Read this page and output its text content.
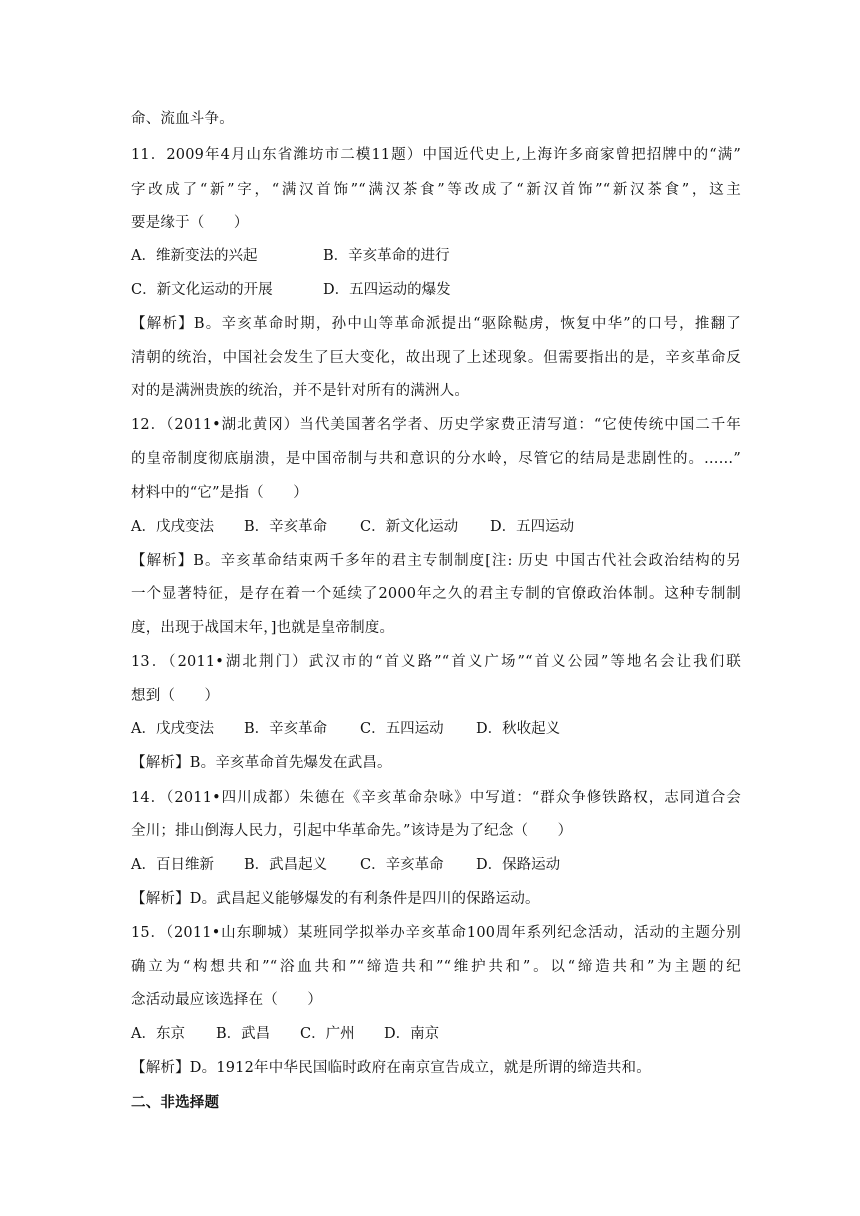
命、流血斗争。
11．2009年4月山东省潍坊市二模11题）中国近代史上,上海许多商家曾把招牌中的“满”
字改成了“新”字，“满汉首饰”“满汉茶食”等改成了“新汉首饰”“新汉茶食”，这主
要是缘于（　　）
A．维新变法的兴起	B．辛亥革命的进行
C．新文化运动的开展	D．五四运动的爆发
【解析】B。辛亥革命时期，孙中山等革命派提出“驱除鞑虏，恢复中华”的口号，推翻了
清朝的统治，中国社会发生了巨大变化，故出现了上述现象。但需要指出的是，辛亥革命反
对的是满洲贵族的统治，并不是针对所有的满洲人。
12．（2011•湖北黄冈）当代美国著名学者、历史学家费正清写道：“它使传统中国二千年
的皇帝制度彻底崩溃，是中国帝制与共和意识的分水岭，尽管它的结局是悲剧性的。……”
材料中的“它”是指（　　）
A．戊戌变法 B．辛亥革命 C．新文化运动 D．五四运动
【解析】B。辛亥革命结束两千多年的君主专制制度[注: 历史 中国古代社会政治结构的另
一个显著特征，是存在着一个延续了2000年之久的君主专制的官僚政治体制。这种专制制
度，出现于战国末年，]也就是皇帝制度。
13．（2011•湖北荆门）武汉市的“首义路”“首义广场”“首义公园”等地名会让我们联
想到（　　）
A．戊戌变法 B．辛亥革命 C．五四运动 D．秋收起义
【解析】B。辛亥革命首先爆发在武昌。
14．（2011•四川成都）朱德在《辛亥革命杂咏》中写道：“群众争修铁路权，志同道合会
全川；排山倒海人民力，引起中华革命先。”该诗是为了纪念（　　）
A．百日维新 B．武昌起义 C．辛亥革命 D．保路运动
【解析】D。武昌起义能够爆发的有利条件是四川的保路运动。
15．（2011•山东聊城）某班同学拟举办辛亥革命100周年系列纪念活动，活动的主题分别
确立为“构想共和”“浴血共和”“缔造共和”“维护共和”。以“缔造共和”为主题的纪
念活动最应该选择在（　　）
A．东京 B．武昌 C．广州 D．南京
【解析】D。1912年中华民国临时政府在南京宣告成立，就是所谓的缔造共和。
二、非选择题
